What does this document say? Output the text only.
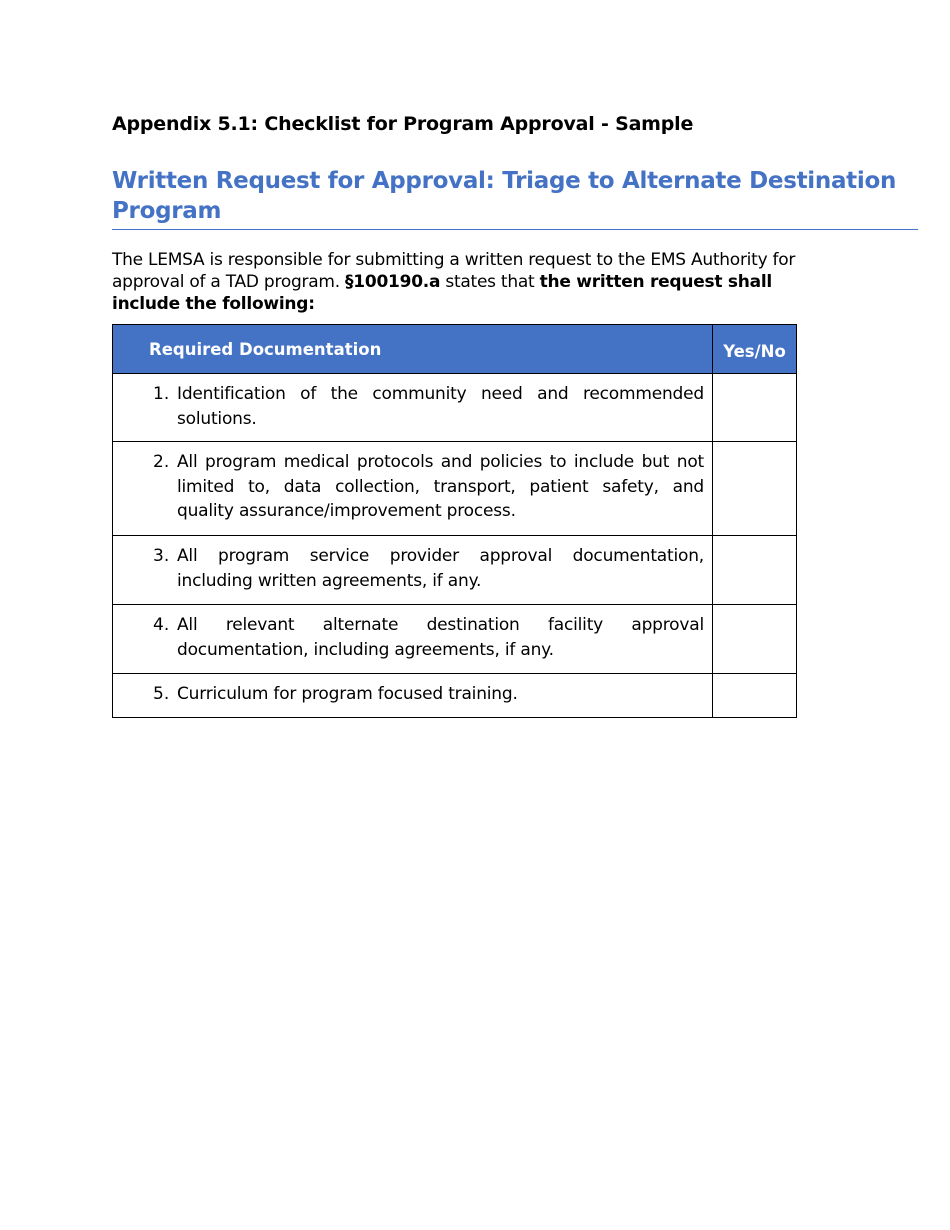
Appendix 5.1: Checklist for Program Approval - Sample
Written Request for Approval: Triage to Alternate Destination Program

The LEMSA is responsible for submitting a written request to the EMS Authority for approval of a TAD program. §100190.a states that the written request shall include the following:

Required Documentation	Yes/No

1. Identification of the community need and recommended solutions.	

2. All program medical protocols and policies to include but not limited to, data collection, transport, patient safety, and quality assurance/improvement process.	

3. All program service provider approval documentation, including written agreements, if any.	

4. All relevant alternate destination facility approval documentation, including agreements, if any.	

5. Curriculum for program focused training.	
